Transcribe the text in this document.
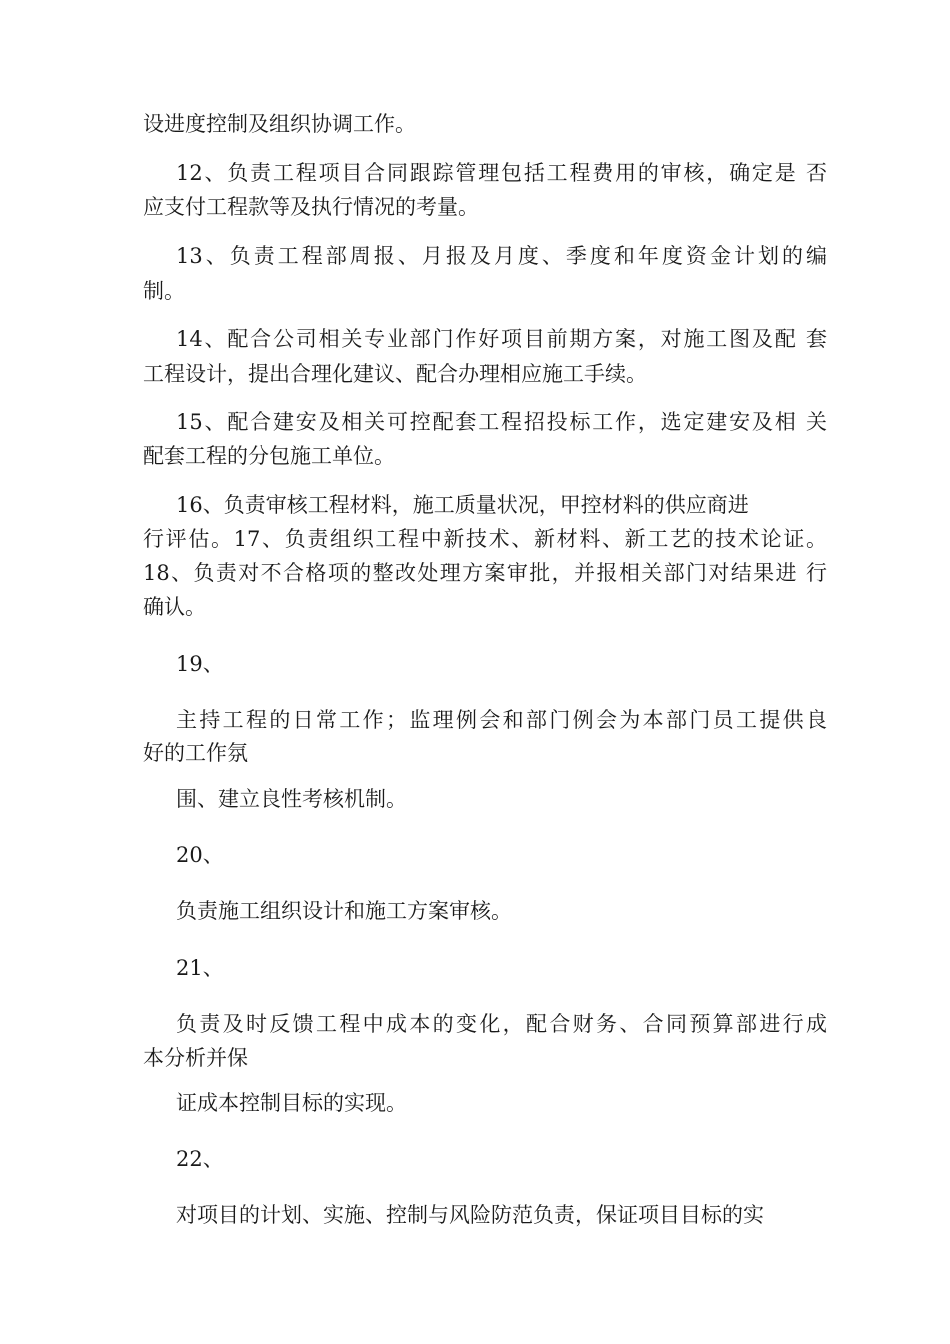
设进度控制及组织协调工作。
12、负责工程项目合同跟踪管理包括工程费用的审核，确定是 否
应支付工程款等及执行情况的考量。
13、负责工程部周报、月报及月度、季度和年度资金计划的编
制。
14、配合公司相关专业部门作好项目前期方案，对施工图及配 套
工程设计，提出合理化建议、配合办理相应施工手续。
15、配合建安及相关可控配套工程招投标工作，选定建安及相 关
配套工程的分包施工单位。
16、负责审核工程材料，施工质量状况，甲控材料的供应商进
行评估。17、负责组织工程中新技术、新材料、新工艺的技术论证。
18、负责对不合格项的整改处理方案审批，并报相关部门对结果进 行
确认。
19、
主持工程的日常工作；监理例会和部门例会为本部门员工提供良
好的工作氛
围、建立良性考核机制。
20、
负责施工组织设计和施工方案审核。
21、
负责及时反馈工程中成本的变化，配合财务、合同预算部进行成
本分析并保
证成本控制目标的实现。
22、
对项目的计划、实施、控制与风险防范负责，保证项目目标的实
